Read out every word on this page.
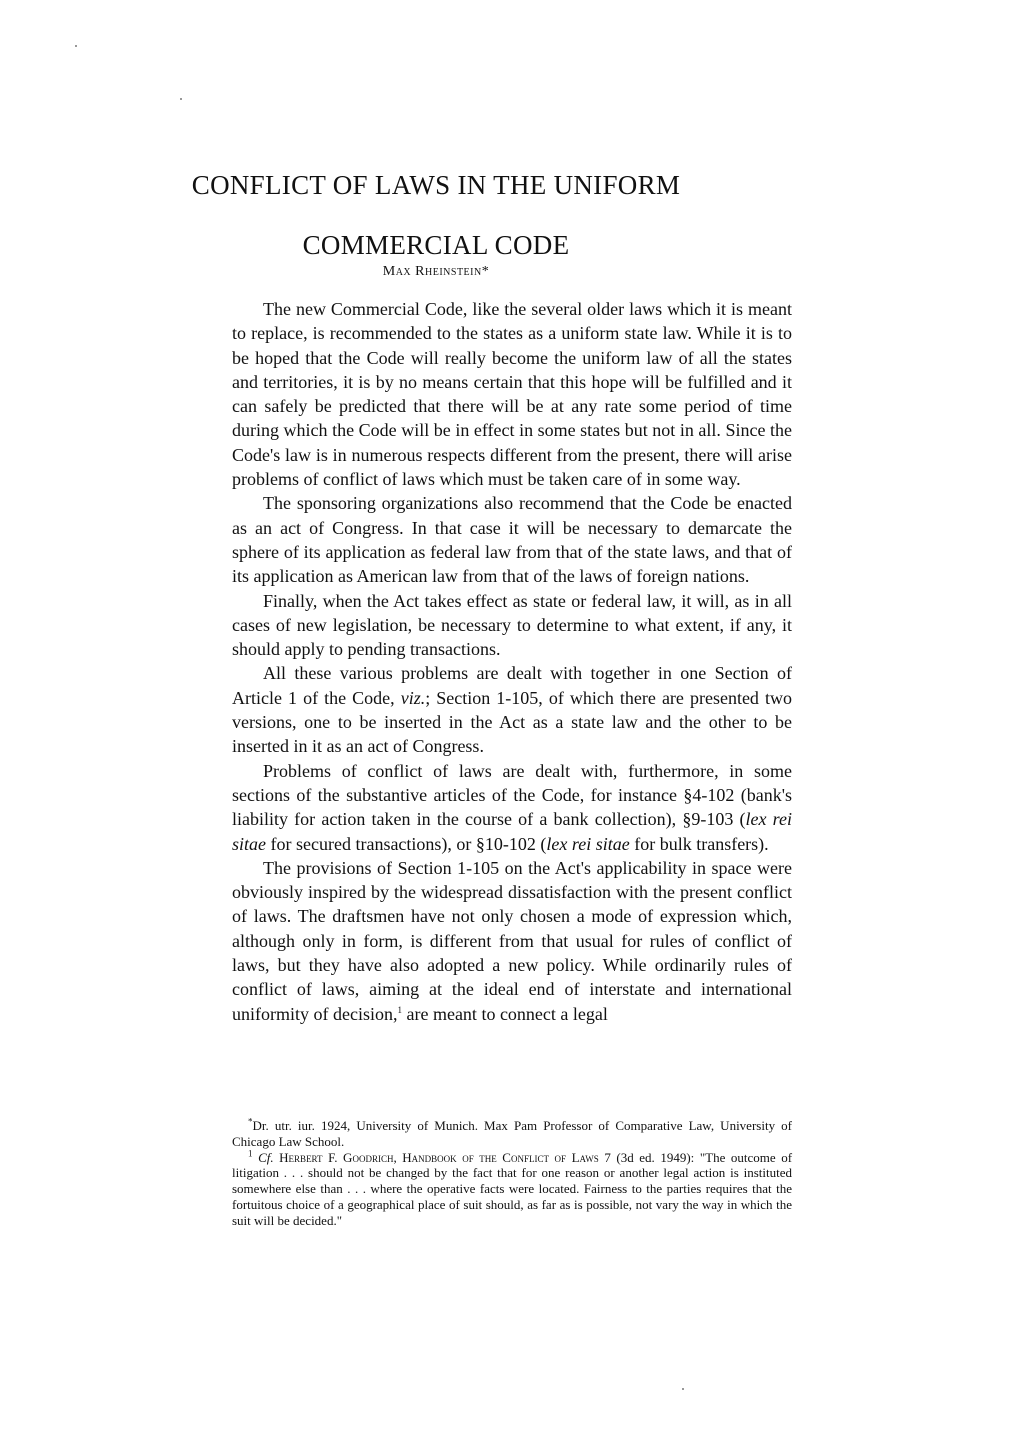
CONFLICT OF LAWS IN THE UNIFORM
COMMERCIAL CODE
Max Rheinstein*

The new Commercial Code, like the several older laws which it is meant to replace, is recommended to the states as a uniform state law. While it is to be hoped that the Code will really become the uniform law of all the states and territories, it is by no means certain that this hope will be fulfilled and it can safely be predicted that there will be at any rate some period of time during which the Code will be in effect in some states but not in all. Since the Code's law is in numerous respects different from the present, there will arise problems of conflict of laws which must be taken care of in some way.

The sponsoring organizations also recommend that the Code be enacted as an act of Congress. In that case it will be necessary to demarcate the sphere of its application as federal law from that of the state laws, and that of its application as American law from that of the laws of foreign nations.

Finally, when the Act takes effect as state or federal law, it will, as in all cases of new legislation, be necessary to determine to what extent, if any, it should apply to pending transactions.

All these various problems are dealt with together in one Section of Article 1 of the Code, viz.; Section 1-105, of which there are presented two versions, one to be inserted in the Act as a state law and the other to be inserted in it as an act of Congress.

Problems of conflict of laws are dealt with, furthermore, in some sections of the substantive articles of the Code, for instance §4-102 (bank's liability for action taken in the course of a bank collection), §9-103 (lex rei sitae for secured transactions), or §10-102 (lex rei sitae for bulk transfers).

The provisions of Section 1-105 on the Act's applicability in space were obviously inspired by the widespread dissatisfaction with the present conflict of laws. The draftsmen have not only chosen a mode of expression which, although only in form, is different from that usual for rules of conflict of laws, but they have also adopted a new policy. While ordinarily rules of conflict of laws, aiming at the ideal end of interstate and international uniformity of decision,$^1$ are meant to connect a legal

*Dr. utr. iur. 1924, University of Munich. Max Pam Professor of Comparative Law, University of Chicago Law School.

$^1$ Cf. Herbert F. Goodrich, Handbook of the Conflict of Laws 7 (3d ed. 1949): "The outcome of litigation . . . should not be changed by the fact that for one reason or another legal action is instituted somewhere else than . . . where the operative facts were located. Fairness to the parties requires that the fortuitous choice of a geographical place of suit should, as far as is possible, not vary the way in which the suit will be decided."
